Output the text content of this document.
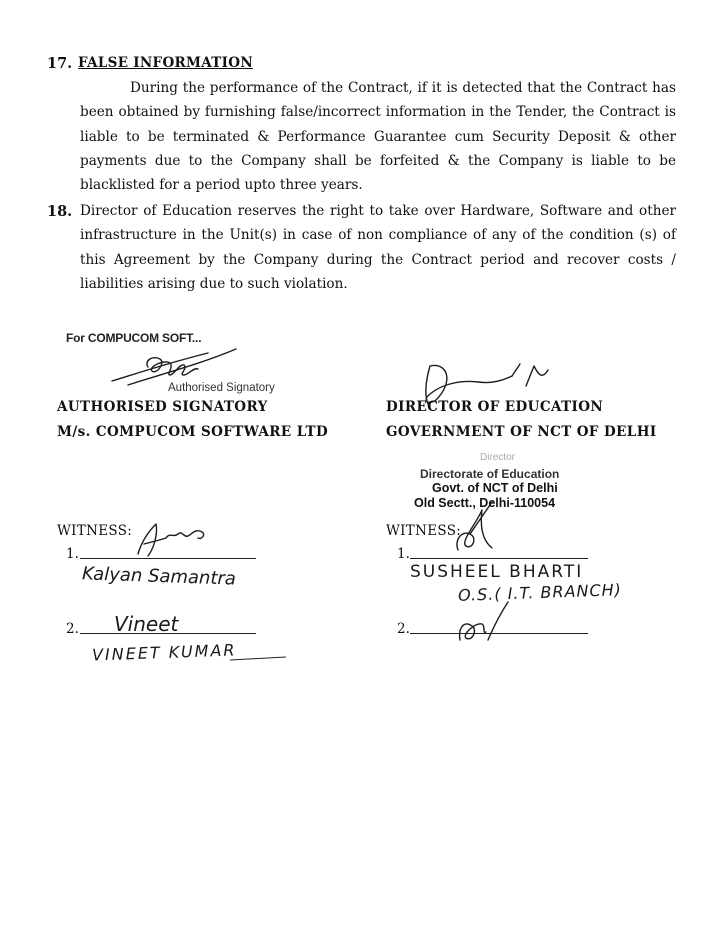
17. FALSE INFORMATION
During the performance of the Contract, if it is detected that the Contract has been obtained by furnishing false/incorrect information in the Tender, the Contract is liable to be terminated & Performance Guarantee cum Security Deposit & other payments due to the Company shall be forfeited & the Company is liable to be blacklisted for a period upto three years.
18. Director of Education reserves the right to take over Hardware, Software and other infrastructure in the Unit(s) in case of non compliance of any of the condition (s) of this Agreement by the Company during the Contract period and recover costs / liabilities arising due to such violation.
For COMPUCOM SOFT...
Authorised Signatory
AUTHORISED SIGNATORY
M/s. COMPUCOM SOFTWARE LTD
DIRECTOR OF EDUCATION
GOVERNMENT OF NCT OF DELHI
Director
Directorate of Education
Govt. of NCT of Delhi
Old Sectt., Delhi-110054
WITNESS:
1.
Kalyan Samantra
2. Vineet
VINEET KUMAR
WITNESS:
1.
SUSHEEL BHARTI
O.S.( I.T. BRANCH)
2.
